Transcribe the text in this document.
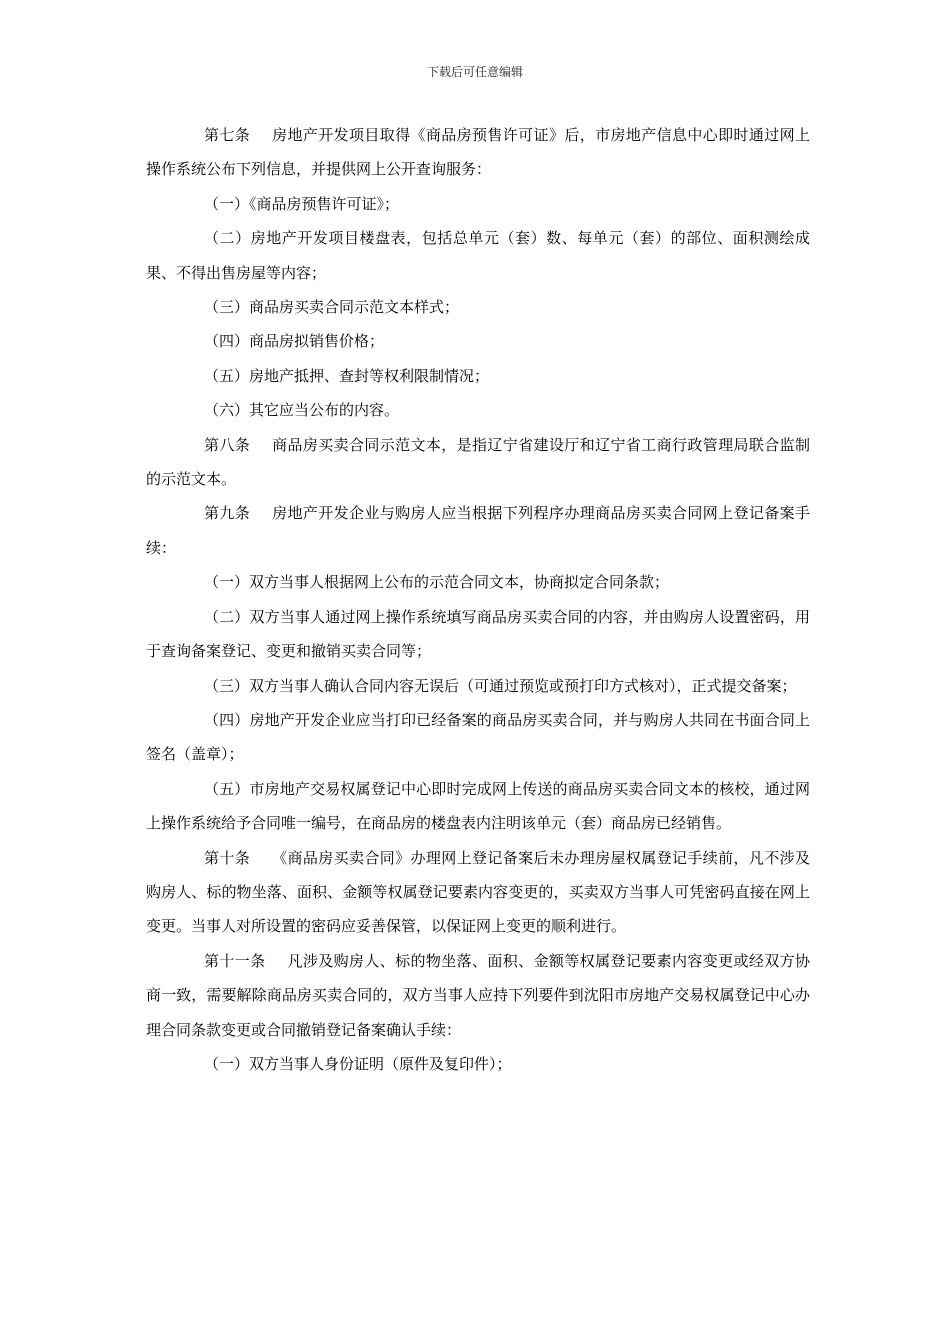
下载后可任意编辑

第七条 房地产开发项目取得《商品房预售许可证》后，市房地产信息中心即时通过网上操作系统公布下列信息，并提供网上公开查询服务：

（一）《商品房预售许可证》；

（二）房地产开发项目楼盘表，包括总单元（套）数、每单元（套）的部位、面积测绘成果、不得出售房屋等内容；

（三）商品房买卖合同示范文本样式；

（四）商品房拟销售价格；

（五）房地产抵押、查封等权利限制情况；

（六）其它应当公布的内容。

第八条 商品房买卖合同示范文本，是指辽宁省建设厅和辽宁省工商行政管理局联合监制的示范文本。

第九条 房地产开发企业与购房人应当根据下列程序办理商品房买卖合同网上登记备案手续：

（一）双方当事人根据网上公布的示范合同文本，协商拟定合同条款；

（二）双方当事人通过网上操作系统填写商品房买卖合同的内容，并由购房人设置密码，用于查询备案登记、变更和撤销买卖合同等；

（三）双方当事人确认合同内容无误后（可通过预览或预打印方式核对），正式提交备案；

（四）房地产开发企业应当打印已经备案的商品房买卖合同，并与购房人共同在书面合同上签名（盖章）；

（五）市房地产交易权属登记中心即时完成网上传送的商品房买卖合同文本的核校，通过网上操作系统给予合同唯一编号，在商品房的楼盘表内注明该单元（套）商品房已经销售。

第十条 《商品房买卖合同》办理网上登记备案后未办理房屋权属登记手续前，凡不涉及购房人、标的物坐落、面积、金额等权属登记要素内容变更的，买卖双方当事人可凭密码直接在网上变更。当事人对所设置的密码应妥善保管，以保证网上变更的顺利进行。

第十一条 凡涉及购房人、标的物坐落、面积、金额等权属登记要素内容变更或经双方协商一致，需要解除商品房买卖合同的，双方当事人应持下列要件到沈阳市房地产交易权属登记中心办理合同条款变更或合同撤销登记备案确认手续：

（一）双方当事人身份证明（原件及复印件）；
